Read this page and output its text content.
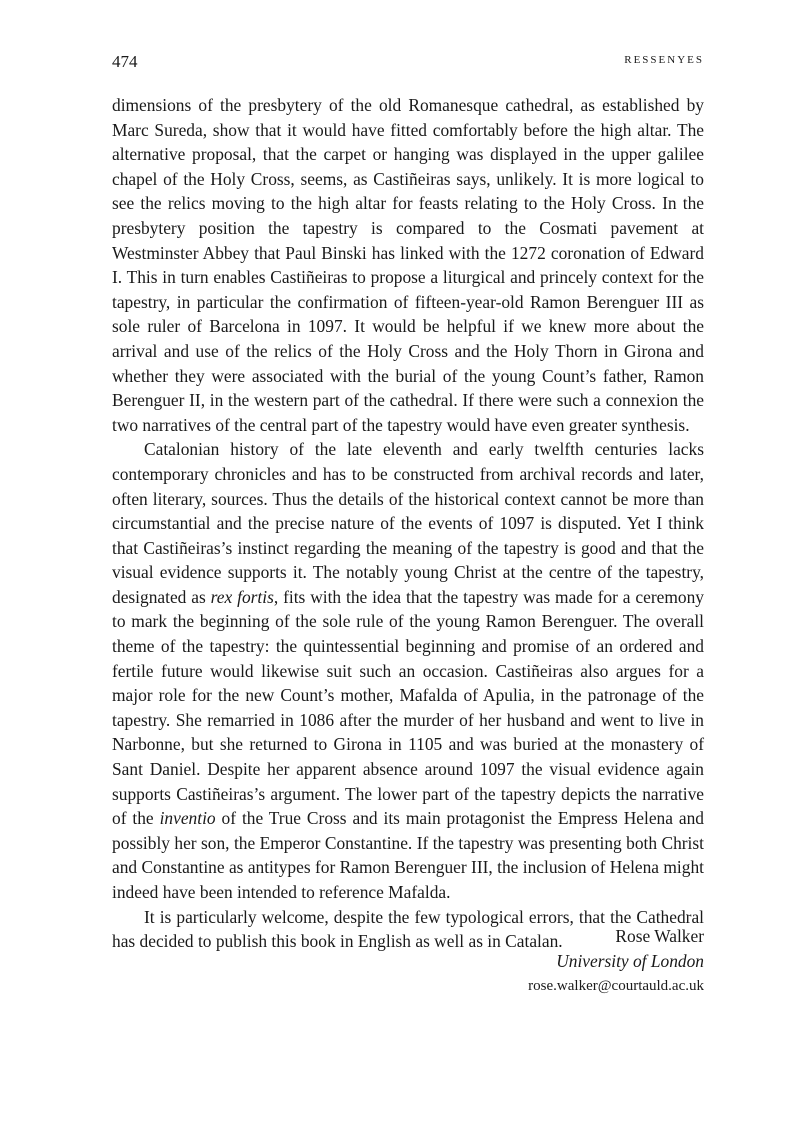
474	RESSENYES

dimensions of the presbytery of the old Romanesque cathedral, as established by Marc Sureda, show that it would have fitted comfortably before the high altar. The alternative proposal, that the carpet or hanging was displayed in the upper galilee chapel of the Holy Cross, seems, as Castiñeiras says, unlikely. It is more logical to see the relics moving to the high altar for feasts relating to the Holy Cross. In the presbytery position the tapestry is compared to the Cosmati pavement at Westminster Abbey that Paul Binski has linked with the 1272 coronation of Edward I. This in turn enables Castiñeiras to propose a liturgical and princely context for the tapestry, in particular the confirmation of fifteen-year-old Ramon Berenguer III as sole ruler of Barcelona in 1097. It would be helpful if we knew more about the arrival and use of the relics of the Holy Cross and the Holy Thorn in Girona and whether they were associated with the burial of the young Count’s father, Ramon Berenguer II, in the western part of the cathedral. If there were such a connexion the two narratives of the central part of the tapestry would have even greater synthesis.

Catalonian history of the late eleventh and early twelfth centuries lacks contemporary chronicles and has to be constructed from archival records and later, often literary, sources. Thus the details of the historical context cannot be more than circumstantial and the precise nature of the events of 1097 is disputed. Yet I think that Castiñeiras’s instinct regarding the meaning of the tapestry is good and that the visual evidence supports it. The notably young Christ at the centre of the tapestry, designated as rex fortis, fits with the idea that the tapestry was made for a ceremony to mark the beginning of the sole rule of the young Ramon Berenguer. The overall theme of the tapestry: the quintessential beginning and promise of an ordered and fertile future would likewise suit such an occasion. Castiñeiras also argues for a major role for the new Count’s mother, Mafalda of Apulia, in the patronage of the tapestry. She remarried in 1086 after the murder of her husband and went to live in Narbonne, but she returned to Girona in 1105 and was buried at the monastery of Sant Daniel. Despite her apparent absence around 1097 the visual evidence again supports Castiñeiras’s argument. The lower part of the tapestry depicts the narrative of the inventio of the True Cross and its main protagonist the Empress Helena and possibly her son, the Emperor Constantine. If the tapestry was presenting both Christ and Constantine as antitypes for Ramon Berenguer III, the inclusion of Helena might indeed have been intended to reference Mafalda.

It is particularly welcome, despite the few typological errors, that the Cathedral has decided to publish this book in English as well as in Catalan.	Rose Walker
University of London
rose.walker@courtauld.ac.uk
